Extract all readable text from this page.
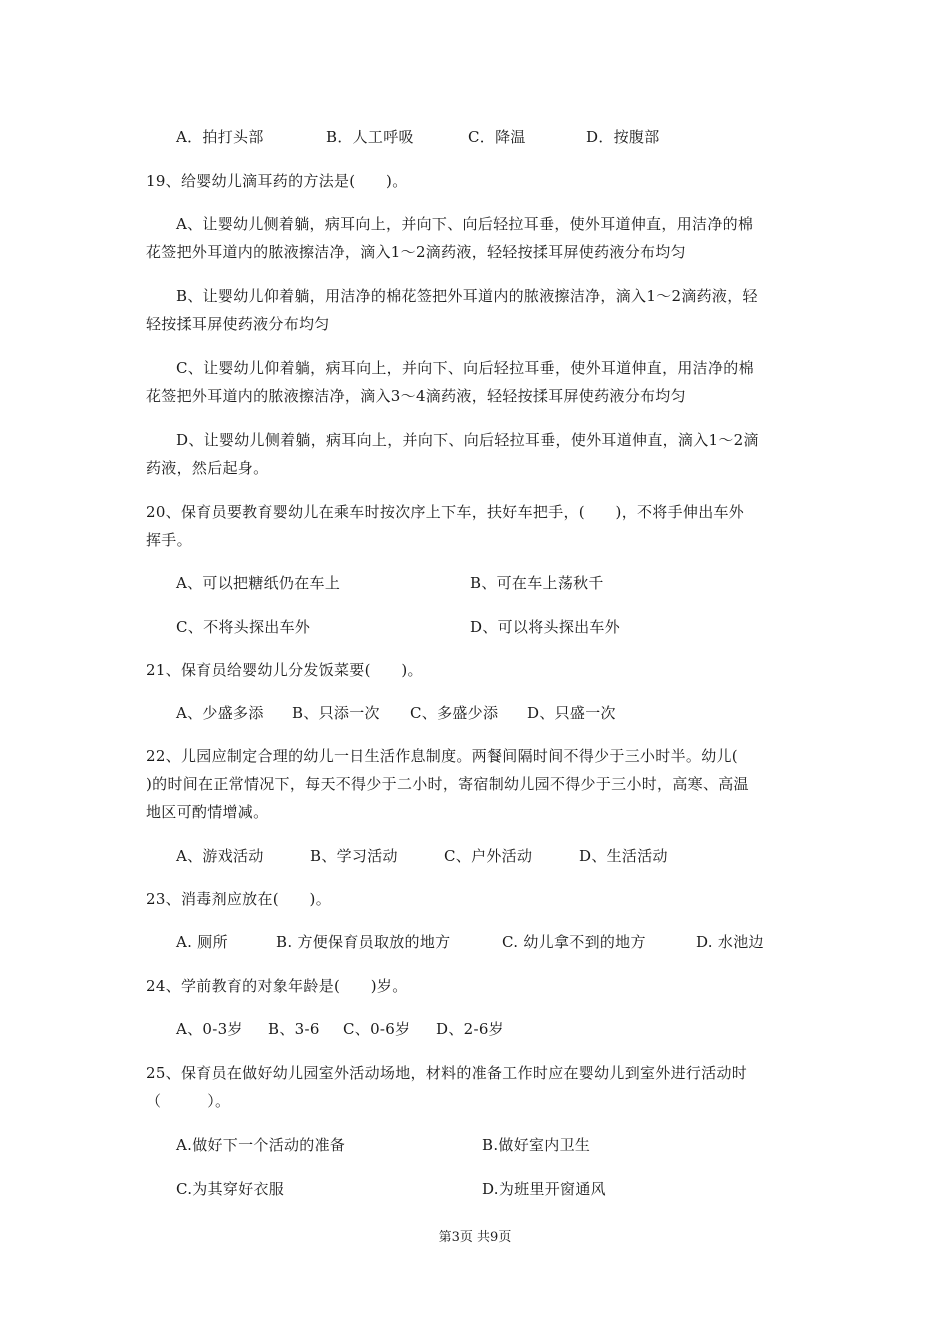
A．拍打头部	B．人工呼吸	C．降温	D．按腹部
19、给婴幼儿滴耳药的方法是(　　)。
A、让婴幼儿侧着躺，病耳向上，并向下、向后轻拉耳垂，使外耳道伸直，用洁净的棉
花签把外耳道内的脓液擦洁净，滴入1～2滴药液，轻轻按揉耳屏使药液分布均匀
B、让婴幼儿仰着躺，用洁净的棉花签把外耳道内的脓液擦洁净，滴入1～2滴药液，轻
轻按揉耳屏使药液分布均匀
C、让婴幼儿仰着躺，病耳向上，并向下、向后轻拉耳垂，使外耳道伸直，用洁净的棉
花签把外耳道内的脓液擦洁净，滴入3～4滴药液，轻轻按揉耳屏使药液分布均匀
D、让婴幼儿侧着躺，病耳向上，并向下、向后轻拉耳垂，使外耳道伸直，滴入1～2滴
药液，然后起身。
20、保育员要教育婴幼儿在乘车时按次序上下车，扶好车把手，(　　)，不将手伸出车外
挥手。
A、可以把糖纸仍在车上	B、可在车上荡秋千
C、不将头探出车外	D、可以将头探出车外
21、保育员给婴幼儿分发饭菜要(　　)。
A、少盛多添 B、只添一次 C、多盛少添 D、只盛一次
22、儿园应制定合理的幼儿一日生活作息制度。两餐间隔时间不得少于三小时半。幼儿(
)的时间在正常情况下，每天不得少于二小时，寄宿制幼儿园不得少于三小时，高寒、高温
地区可酌情增减。
A、游戏活动	B、学习活动	C、户外活动	D、生活活动
23、消毒剂应放在(　　)。
A. 厕所	B. 方便保育员取放的地方	C. 幼儿拿不到的地方	D. 水池边
24、学前教育的对象年龄是(　　)岁。
A、0-3岁 B、3-6 C、0-6岁 D、2-6岁
25、保育员在做好幼儿园室外活动场地，材料的准备工作时应在婴幼儿到室外进行活动时
（　　　）。
A.做好下一个活动的准备	B.做好室内卫生
C.为其穿好衣服	D.为班里开窗通风
第3页 共9页
